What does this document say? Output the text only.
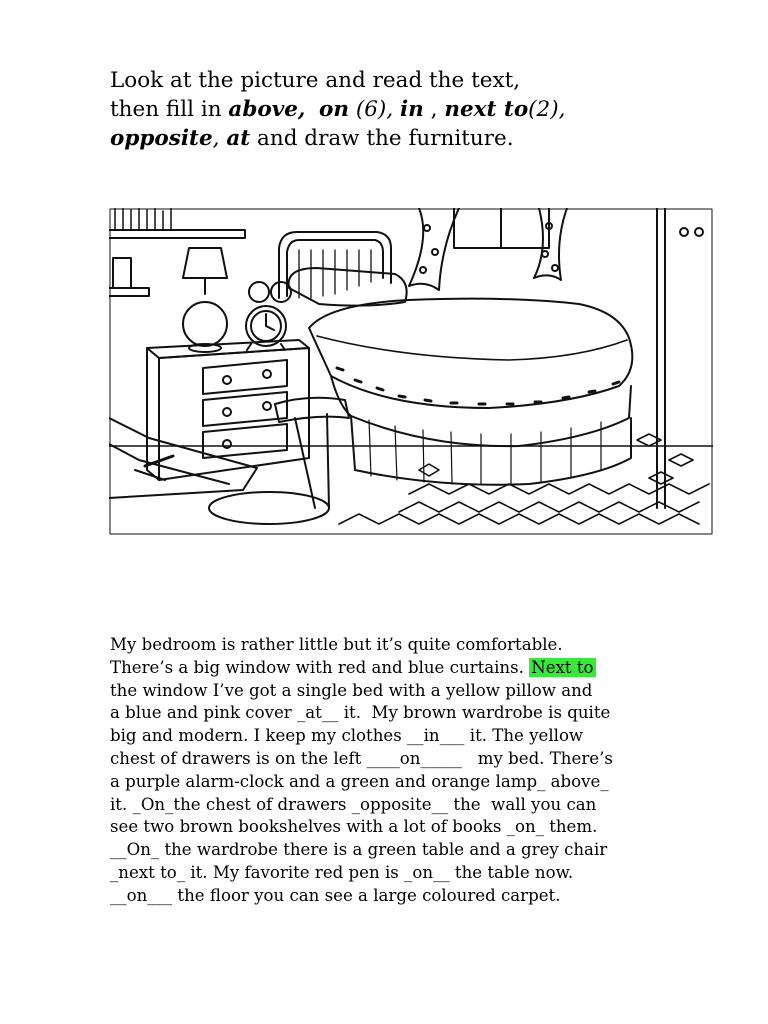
Look at the picture and read the text,
then fill in above, on (6), in , next to(2),
opposite, at and draw the furniture.

My bedroom is rather little but it’s quite comfortable.
There’s a big window with red and blue curtains. Next to
the window I’ve got a single bed with a yellow pillow and
a blue and pink cover _at__ it.  My brown wardrobe is quite
big and modern. I keep my clothes __in___ it. The yellow
chest of drawers is on the left ____on_____   my bed. There’s
a purple alarm-clock and a green and orange lamp_ above_
it. _On_the chest of drawers _opposite__ the  wall you can
see two brown bookshelves with a lot of books _on_ them.
__On_ the wardrobe there is a green table and a grey chair
_next to_ it. My favorite red pen is _on__ the table now.
__on___ the floor you can see a large coloured carpet.
